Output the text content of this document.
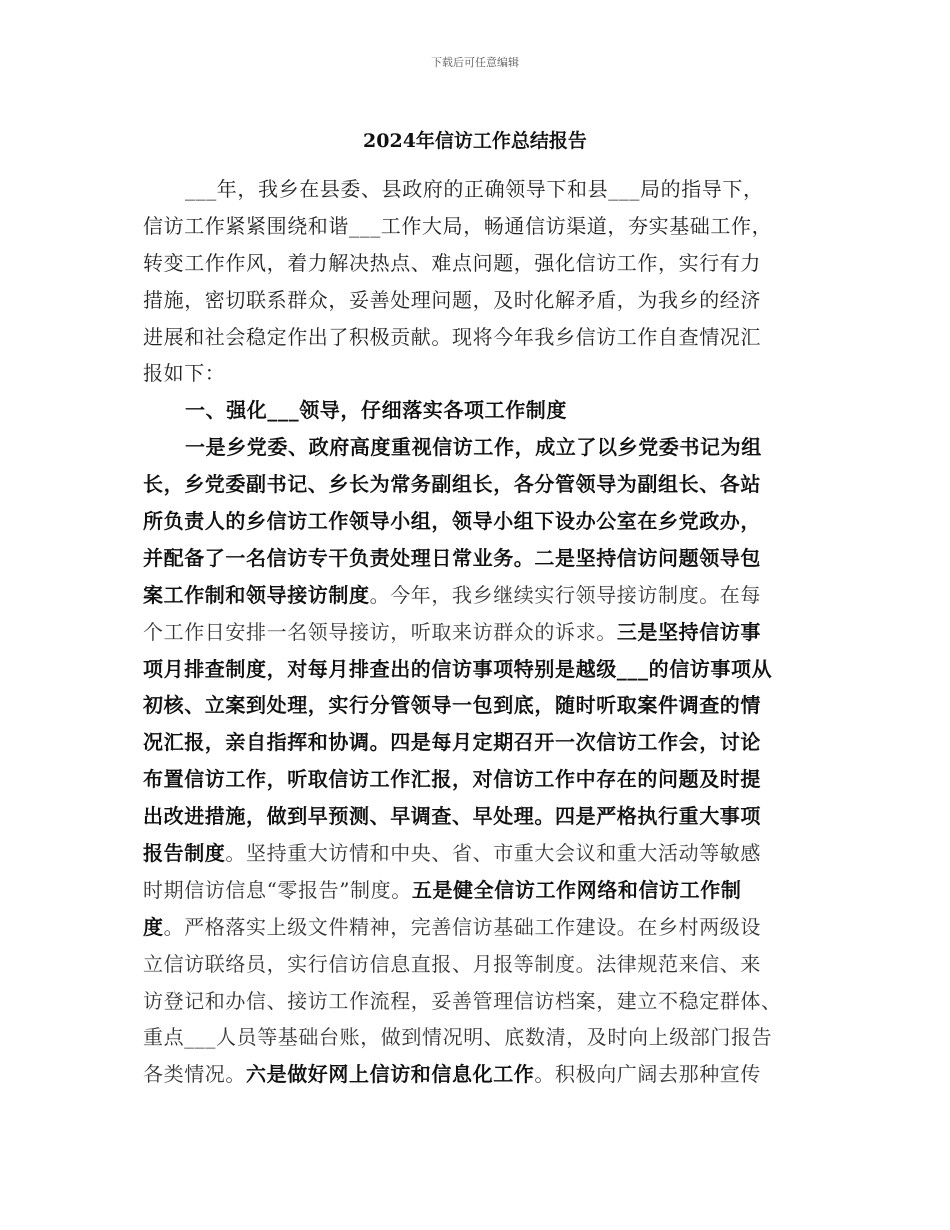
下载后可任意编辑
2024年信访工作总结报告
___年，我乡在县委、县政府的正确领导下和县___局的指导下，
信访工作紧紧围绕和谐___工作大局，畅通信访渠道，夯实基础工作，
转变工作作风，着力解决热点、难点问题，强化信访工作，实行有力
措施，密切联系群众，妥善处理问题，及时化解矛盾，为我乡的经济
进展和社会稳定作出了积极贡献。现将今年我乡信访工作自查情况汇
报如下：
一、强化___领导，仔细落实各项工作制度
一是乡党委、政府高度重视信访工作，成立了以乡党委书记为组
长，乡党委副书记、乡长为常务副组长，各分管领导为副组长、各站
所负责人的乡信访工作领导小组，领导小组下设办公室在乡党政办，
并配备了一名信访专干负责处理日常业务。二是坚持信访问题领导包
案工作制和领导接访制度。今年，我乡继续实行领导接访制度。在每
个工作日安排一名领导接访，听取来访群众的诉求。三是坚持信访事
项月排查制度，对每月排查出的信访事项特别是越级___的信访事项从
初核、立案到处理，实行分管领导一包到底，随时听取案件调查的情
况汇报，亲自指挥和协调。四是每月定期召开一次信访工作会，讨论
布置信访工作，听取信访工作汇报，对信访工作中存在的问题及时提
出改进措施，做到早预测、早调查、早处理。四是严格执行重大事项
报告制度。坚持重大访情和中央、省、市重大会议和重大活动等敏感
时期信访信息“零报告”制度。五是健全信访工作网络和信访工作制
度。严格落实上级文件精神，完善信访基础工作建设。在乡村两级设
立信访联络员，实行信访信息直报、月报等制度。法律规范来信、来
访登记和办信、接访工作流程，妥善管理信访档案，建立不稳定群体、
重点___人员等基础台账，做到情况明、底数清，及时向上级部门报告
各类情况。六是做好网上信访和信息化工作。积极向广阔去那种宣传
